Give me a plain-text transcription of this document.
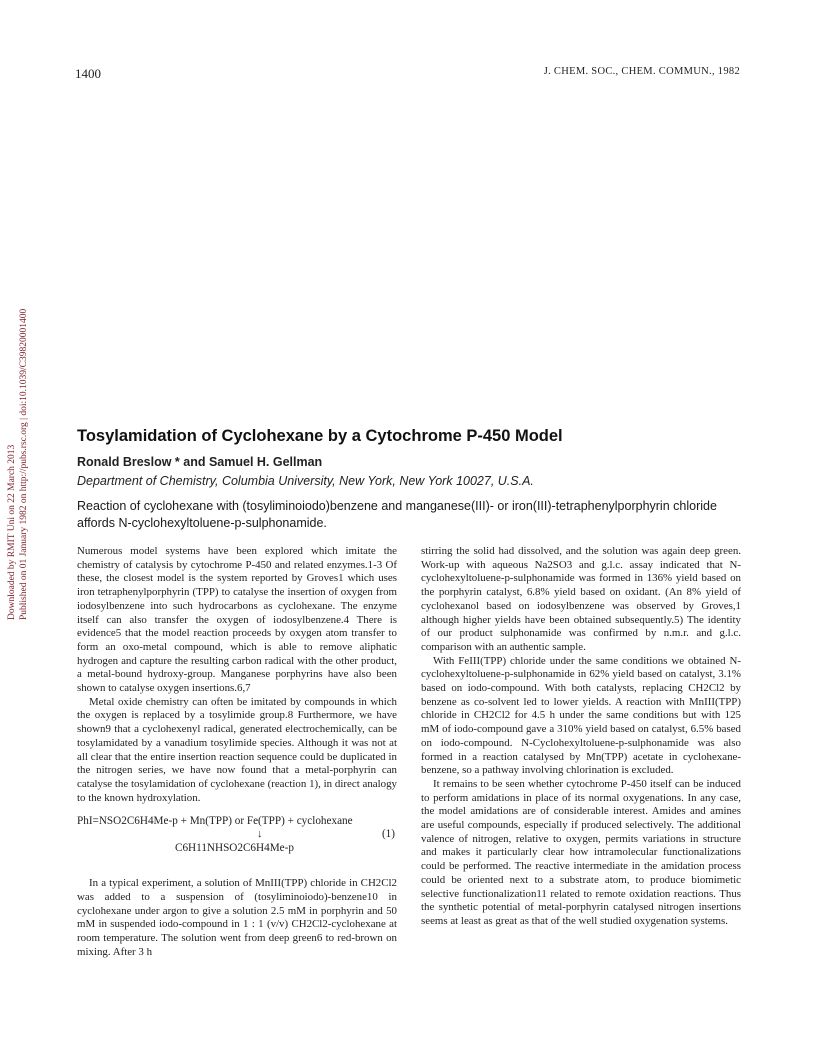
1400	J. CHEM. SOC., CHEM. COMMUN., 1982
Downloaded by RMIT Uni on 22 March 2013 Published on 01 January 1982 on http://pubs.rsc.org | doi:10.1039/C39820001400	Tosylamidation of Cyclohexane by a Cytochrome P-450 Model

Ronald Breslow * and Samuel H. Gellman

Department of Chemistry, Columbia University, New York, New York 10027, U.S.A.

Reaction of cyclohexane with (tosyliminoiodo)benzene and manganese(III)- or iron(III)-tetraphenylporphyrin chloride affords N-cyclohexyltoluene-p-sulphonamide.

Numerous model systems have been explored which imitate the chemistry of catalysis by cytochrome P-450 and related enzymes.1-3 Of these, the closest model is the system reported by Groves1 which uses iron tetraphenylporphyrin (TPP) to catalyse the insertion of oxygen from iodosylbenzene into such hydrocarbons as cyclohexane. The enzyme itself can also transfer the oxygen of iodosylbenzene.4 There is evidence5 that the model reaction proceeds by oxygen atom transfer to form an oxo-metal compound, which is able to remove aliphatic hydrogen and capture the resulting carbon radical with the other product, a metal-bound hydroxy-group. Manganese porphyrins have also been shown to catalyse oxygen insertions.6,7

Metal oxide chemistry can often be imitated by compounds in which the oxygen is replaced by a tosylimide group.8 Furthermore, we have shown9 that a cyclohexenyl radical, generated electrochemically, can be tosylamidated by a vanadium tosylimide species. Although it was not at all clear that the entire insertion reaction sequence could be duplicated in the nitrogen series, we have now found that a metal-porphyrin can catalyse the tosylamidation of cyclohexane (reaction 1), in direct analogy to the known hydroxylation.

PhI=NSO2C6H4Me-p + Mn(TPP) or Fe(TPP) + cyclohexane
↓	(1)
C6H11NHSO2C6H4Me-p

In a typical experiment, a solution of MnIII(TPP) chloride in CH2Cl2 was added to a suspension of (tosyliminoiodo)-benzene10 in cyclohexane under argon to give a solution 2.5 mM in porphyrin and 50 mM in suspended iodo-compound in 1 : 1 (v/v) CH2Cl2-cyclohexane at room temperature. The solution went from deep green6 to red-brown on mixing. After 3 h

stirring the solid had dissolved, and the solution was again deep green. Work-up with aqueous Na2SO3 and g.l.c. assay indicated that N-cyclohexyltoluene-p-sulphonamide was formed in 136% yield based on the porphyrin catalyst, 6.8% yield based on oxidant. (An 8% yield of cyclohexanol based on iodosylbenzene was observed by Groves,1 although higher yields have been obtained subsequently.5) The identity of our product sulphonamide was confirmed by n.m.r. and g.l.c. comparison with an authentic sample.

With FeIII(TPP) chloride under the same conditions we obtained N-cyclohexyltoluene-p-sulphonamide in 62% yield based on catalyst, 3.1% based on iodo-compound. With both catalysts, replacing CH2Cl2 by benzene as co-solvent led to lower yields. A reaction with MnIII(TPP) chloride in CH2Cl2 for 4.5 h under the same conditions but with 125 mM of iodo-compound gave a 310% yield based on catalyst, 6.5% based on iodo-compound. N-Cyclohexyltoluene-p-sulphonamide was also formed in a reaction catalysed by Mn(TPP) acetate in cyclohexane-benzene, so a pathway involving chlorination is excluded.

It remains to be seen whether cytochrome P-450 itself can be induced to perform amidations in place of its normal oxygenations. In any case, the model amidations are of considerable interest. Amides and amines are useful compounds, especially if produced selectively. The additional valence of nitrogen, relative to oxygen, permits variations in structure and makes it particularly clear how intramolecular functionalizations could be performed. The reactive intermediate in the amidation process could be oriented next to a substrate atom, to produce biomimetic selective functionalization11 related to remote oxidation reactions. Thus the synthetic potential of metal-porphyrin catalysed nitrogen insertions seems at least as great as that of the well studied oxygenation systems.
